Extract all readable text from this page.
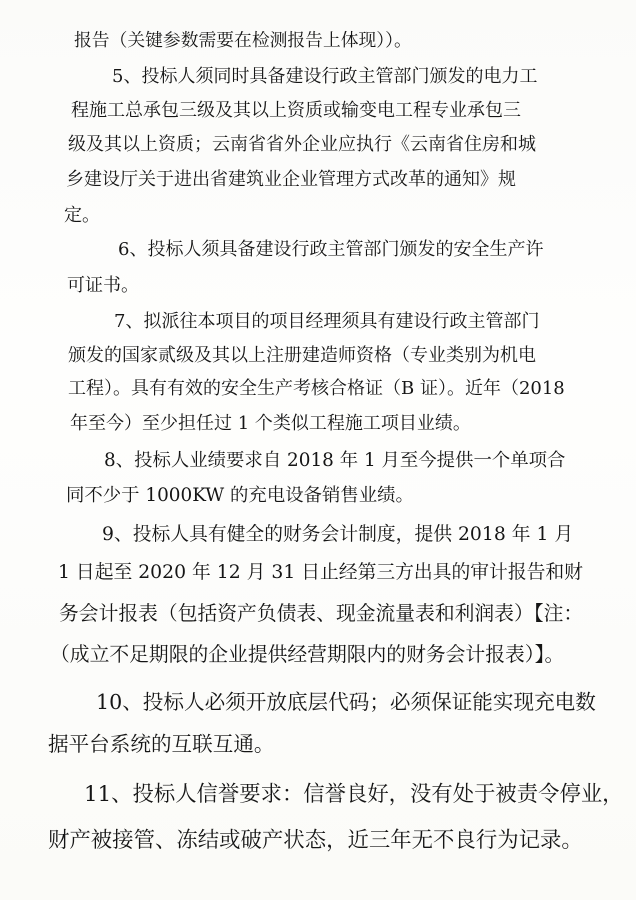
报告（关键参数需要在检测报告上体现））。
5、投标人须同时具备建设行政主管部门颁发的电力工
程施工总承包三级及其以上资质或输变电工程专业承包三
级及其以上资质；云南省省外企业应执行《云南省住房和城
乡建设厅关于进出省建筑业企业管理方式改革的通知》规
定。
6、投标人须具备建设行政主管部门颁发的安全生产许
可证书。
7、拟派往本项目的项目经理须具有建设行政主管部门
颁发的国家贰级及其以上注册建造师资格（专业类别为机电
工程）。具有有效的安全生产考核合格证（B 证）。近年（2018
年至今）至少担任过 1 个类似工程施工项目业绩。
8、投标人业绩要求自 2018 年 1 月至今提供一个单项合
同不少于 1000KW 的充电设备销售业绩。
9、投标人具有健全的财务会计制度，提供 2018 年 1 月
1 日起至 2020 年 12 月 31 日止经第三方出具的审计报告和财
务会计报表（包括资产负债表、现金流量表和利润表）【注：
（成立不足期限的企业提供经营期限内的财务会计报表）】。
10、投标人必须开放底层代码；必须保证能实现充电数
据平台系统的互联互通。
11、投标人信誉要求：信誉良好，没有处于被责令停业，
财产被接管、冻结或破产状态，近三年无不良行为记录。
